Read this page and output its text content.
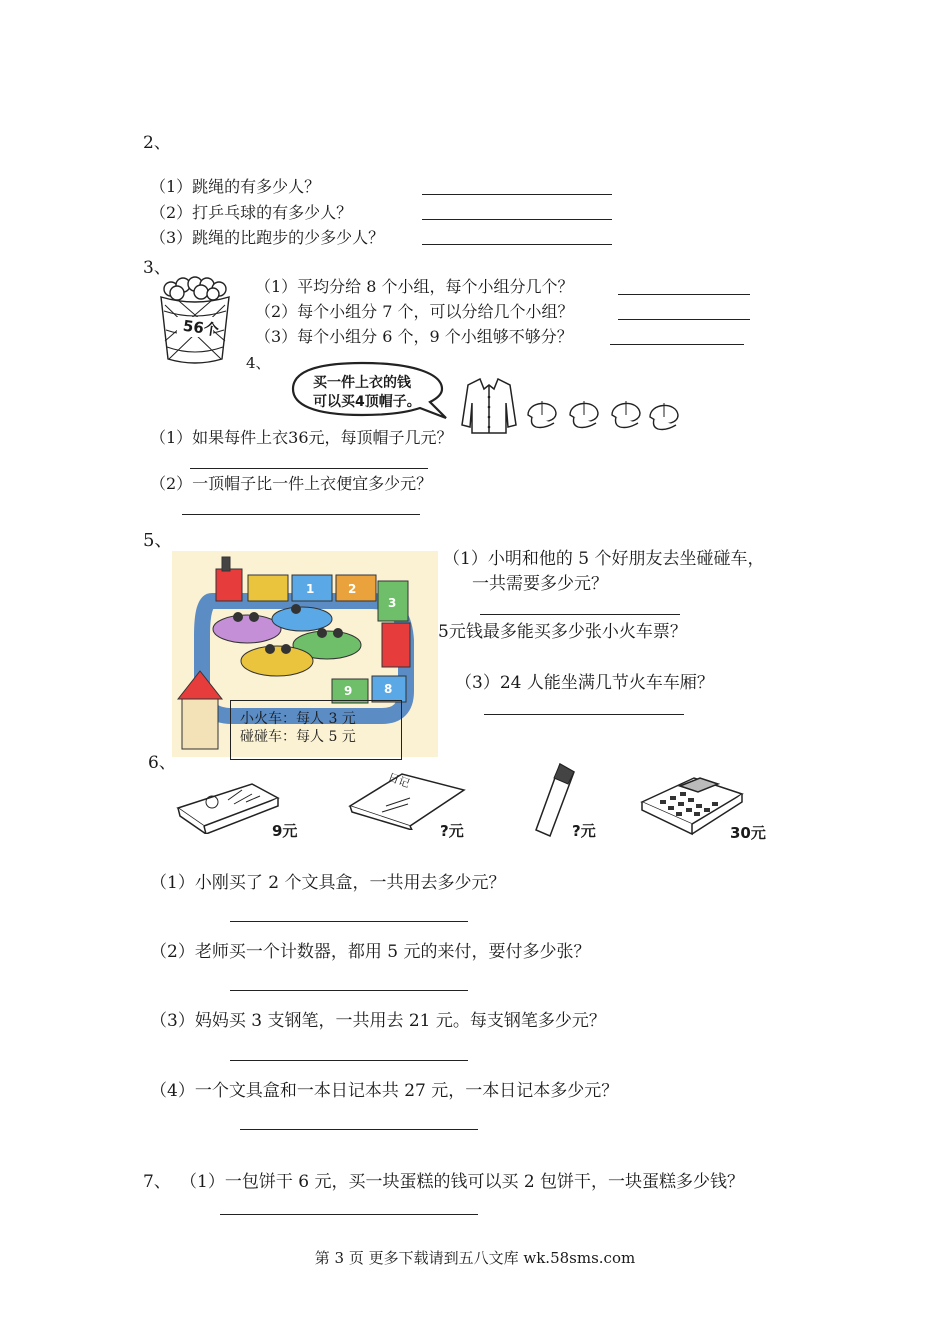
2、
（1）跳绳的有多少人？
（2）打乒乓球的有多少人？
（3）跳绳的比跑步的少多少人？
3、
56个
（1）平均分给 8 个小组，每个小组分几个？
（2）每个小组分 7 个，可以分给几个小组？
（3）每个小组分 6 个，9 个小组够不够分？
4、
买一件上衣的钱
可以买4顶帽子。
（1）如果每件上衣36元，每顶帽子几元？
（2）一顶帽子比一件上衣便宜多少元？
5、
1	2
3
9	8
小火车：每人 3 元
碰碰车：每人 5 元
（1）小明和他的 5 个好朋友去坐碰碰车，
一共需要多少元？
5元钱最多能买多少张小火车票？
（3）24 人能坐满几节火车车厢？
6、
9元
日记
?元	?元	30元
（1）小刚买了 2 个文具盒，一共用去多少元？
（2）老师买一个计数器，都用 5 元的来付，要付多少张？
（3）妈妈买 3 支钢笔，一共用去 21 元。每支钢笔多少元？
（4）一个文具盒和一本日记本共 27 元，一本日记本多少元？
7、 （1）一包饼干 6 元，买一块蛋糕的钱可以买 2 包饼干，一块蛋糕多少钱？
第 3 页 更多下载请到五八文库 wk.58sms.com
